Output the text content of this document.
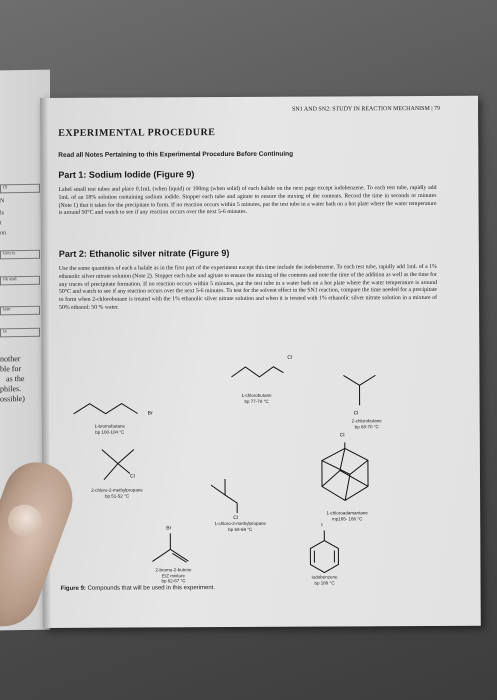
(S
N
ls
t
on
tion is
ok and
late-
ia
nother
ble for
as the
philes.
ossible)
SN1 AND SN2: STUDY IN REACTION MECHANISM | 79
EXPERIMENTAL PROCEDURE
Read all Notes Pertaining to this Experimental Procedure Before Continuing
Part 1: Sodium Iodide (Figure 9)
Label small test tubes and place 0.1mL (when liquid) or 100mg (when solid) of each halide on the next page except iodobenzene. To each test tube, rapidly add 1mL of an 18% solution containing sodium iodide. Stopper each tube and agitate to ensure the mixing of the contents. Record the time in seconds or minutes (Note 1) that it takes for the precipitate to form. If no reaction occurs within 5 minutes, put the test tube in a water bath on a hot plate where the water temperature is around 50°C and watch to see if any reaction occurs over the next 5-6 minutes.
Part 2: Ethanolic silver nitrate (Figure 9)
Use the same quantities of each a halide as in the first part of the experiment except this time include the iodobenzene. To each test tube, rapidly add 1mL of a 1% ethanolic silver nitrate solution (Note 2). Stopper each tube and agitate to ensure the mixing of the contents and note the time of the addition as well as the time for any traces of precipitate formation. If no reaction occurs within 5 minutes, put the test tube in a water bath on a hot plate where the water temperature is around 50°C and watch to see if any reaction occurs over the next 5-6 minutes. To test for the solvent effect in the SN1 reaction, compare the time needed for a precipitate to form when 2-chlorobutane is treated with the 1% ethanolic silver nitrate solution and when it is treated with 1% ethanolic silver nitrate solution in a mixture of 50% ethanol: 50 % water.
Cl
1-chlorobutane
bp 77-78 °C
Br
1-bromobutane
bp 100-104 °C
Cl
2-chlorobutane
bp 68-70 °C
Cl
2-chloro-2-methylpropane
bp 51-52 °C
Cl
1-chloroadamantane
mp165- 166 °C
Cl
1-chloro-2-methylpropane
bp 68-69 °C
Br
2-bromo-2-butene
E/Z mixture
bp 62-67 °C
I
Iodobenzene
bp 188 °C
Figure 9: Compounds that will be used in this experiment.
